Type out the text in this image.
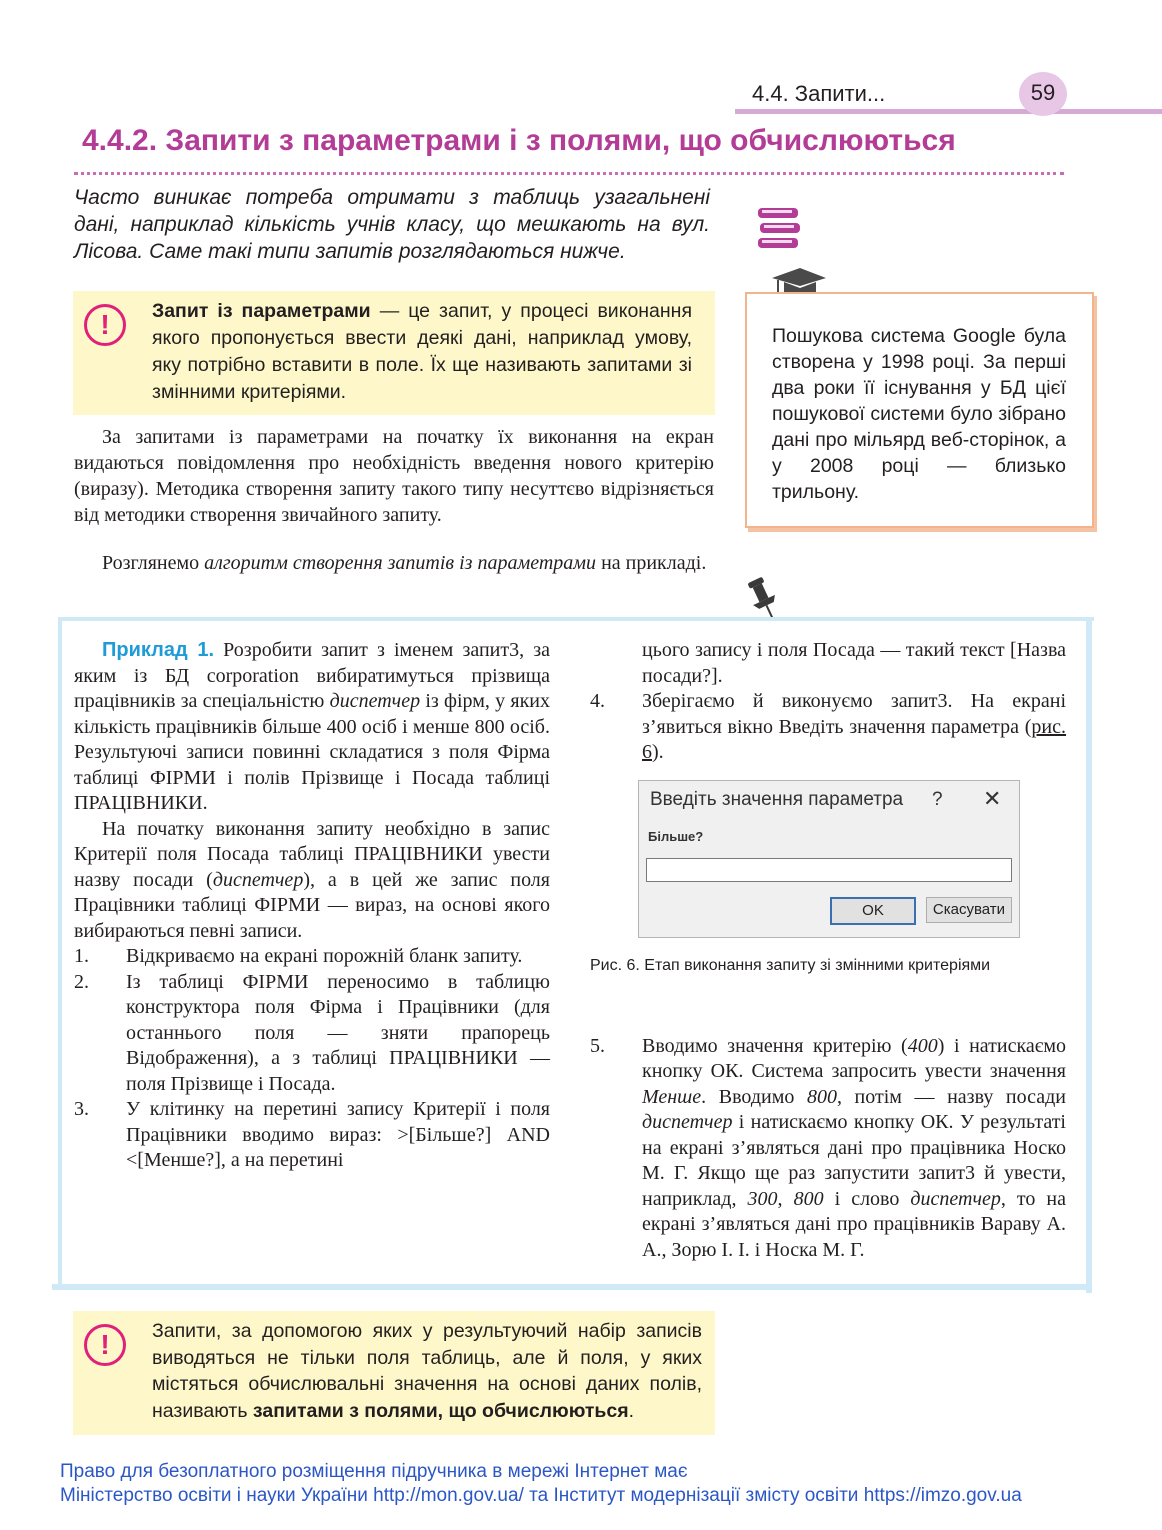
4.4. Запити...	59
4.4.2. Запити з параметрами і з полями, що обчислюються
Часто виникає потреба отримати з таблиць узагальнені дані, наприклад кількість учнів класу, що мешкають на вул. Лісова. Саме такі типи запитів розглядаються нижче.
!	Запит із параметрами — це запит, у процесі виконання якого пропонується ввести деякі дані, наприклад умову, яку потрібно вставити в поле. Їх ще називають запитами зі змінними критеріями.
Пошукова система Google була створена у 1998 році. За перші два роки її існування у БД цієї пошукової системи було зібрано дані про мільярд веб-сторінок, а у 2008 році — близько трильону.
За запитами із параметрами на початку їх виконання на екран видаються повідомлення про необхідність введення нового критерію (виразу). Методика створення запиту такого типу несуттєво відрізняється від методики створення звичайного запиту.
Розглянемо алгоритм створення запитів із параметрами на прикладі.

Приклад 1. Розробити запит з іменем запит3, за яким із БД corporation вибиратимуться прізвища працівників за спеціальністю диспетчер із фірм, у яких кількість працівників більше 400 осіб і менше 800 осіб. Результуючі записи повинні складатися з поля Фірма таблиці ФІРМИ і полів Прізвище і Посада таблиці ПРАЦІВНИКИ.

На початку виконання запиту необхідно в запис Критерії поля Посада таблиці ПРАЦІВНИКИ увести назву посади (диспетчер), а в цей же запис поля Працівники таблиці ФІРМИ — вираз, на основі якого вибираються певні записи.

1.	Відкриваємо на екрані порожній бланк запиту.
2.	Із таблиці ФІРМИ переносимо в таблицю конструктора поля Фірма і Працівники (для останнього поля — зняти прапорець Відображення), а з таблиці ПРАЦІВНИКИ — поля Прізвище і Посада.
3.	У клітинку на перетині запису Критерії і поля Працівники вводимо вираз: >[Більше?] AND <[Менше?], а на перетині
цього запису і поля Посада — такий текст [Назва посади?].
4.	Зберігаємо й виконуємо запит3. На екрані з’явиться вікно Введіть значення параметра (рис. 6).
5.	Вводимо значення критерію (400) і натискаємо кнопку ОК. Система запросить увести значення Менше. Вводимо 800, потім — назву посади диспетчер і натискаємо кнопку ОК. У результаті на екрані з’являться дані про працівника Носко М. Г. Якщо ще раз запустити запит3 й увести, наприклад, 300, 800 і слово диспетчер, то на екрані з’являться дані про працівників Вараву А. А., Зорю І. І. і Носка М. Г.
Введіть значення параметра ? ✕
Більше?
OK	Скасувати
Рис. 6. Етап виконання запиту зі змінними критеріями
!	Запити, за допомогою яких у результуючий набір записів виводяться не тільки поля таблиць, але й поля, у яких містяться обчислювальні значення на основі даних полів, називають запитами з полями, що обчислюються.
Право для безоплатного розміщення підручника в мережі Інтернет має
Міністерство освіти і науки України http://mon.gov.ua/ та Інститут модернізації змісту освіти https://imzo.gov.ua
